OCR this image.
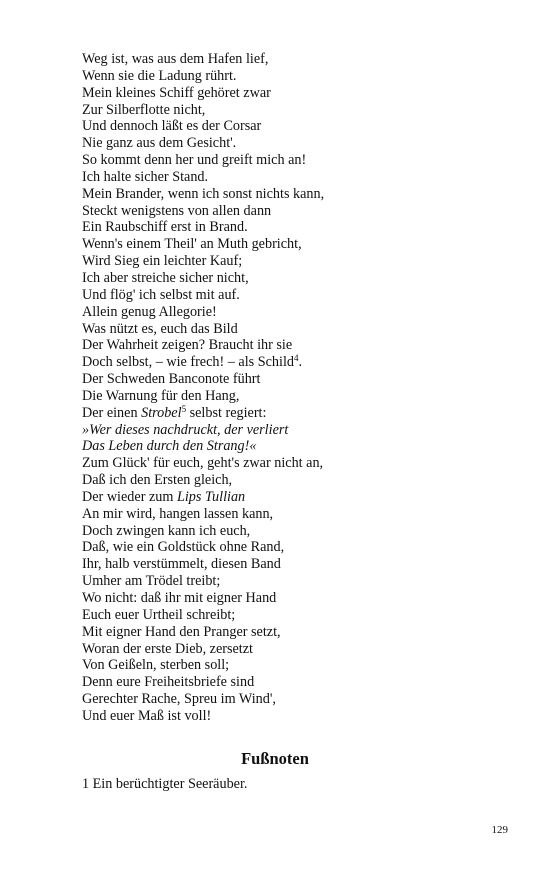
Weg ist, was aus dem Hafen lief,
Wenn sie die Ladung rührt.
Mein kleines Schiff gehöret zwar
Zur Silberflotte nicht,
Und dennoch läßt es der Corsar
Nie ganz aus dem Gesicht'.
So kommt denn her und greift mich an!
Ich halte sicher Stand.
Mein Brander, wenn ich sonst nichts kann,
Steckt wenigstens von allen dann
Ein Raubschiff erst in Brand.
Wenn's einem Theil' an Muth gebricht,
Wird Sieg ein leichter Kauf;
Ich aber streiche sicher nicht,
Und flög' ich selbst mit auf.
Allein genug Allegorie!
Was nützt es, euch das Bild
Der Wahrheit zeigen? Braucht ihr sie
Doch selbst, – wie frech! – als Schild$^4$.
Der Schweden Banconote führt
Die Warnung für den Hang,
Der einen Strobel$^5$ selbst regiert:
»Wer dieses nachdruckt, der verliert
Das Leben durch den Strang!«
Zum Glück' für euch, geht's zwar nicht an,
Daß ich den Ersten gleich,
Der wieder zum Lips Tullian
An mir wird, hangen lassen kann,
Doch zwingen kann ich euch,
Daß, wie ein Goldstück ohne Rand,
Ihr, halb verstümmelt, diesen Band
Umher am Trödel treibt;
Wo nicht: daß ihr mit eigner Hand
Euch euer Urtheil schreibt;
Mit eigner Hand den Pranger setzt,
Woran der erste Dieb, zersetzt
Von Geißeln, sterben soll;
Denn eure Freiheitsbriefe sind
Gerechter Rache, Spreu im Wind',
Und euer Maß ist voll!
Fußnoten
1 Ein berüchtigter Seeräuber.
129
